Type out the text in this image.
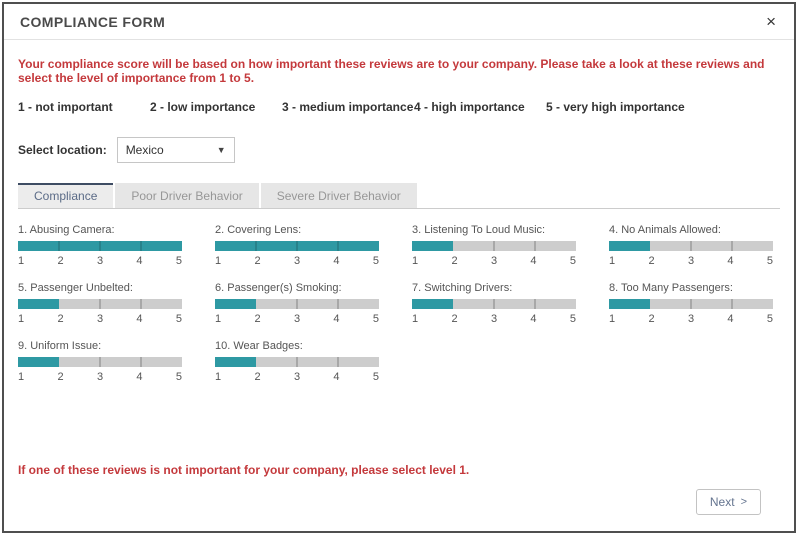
COMPLIANCE FORM	×
Your compliance score will be based on how important these reviews are to your company. Please take a look at these reviews and select the level of importance from 1 to 5.
1 - not important	2 - low importance	3 - medium importance 4 - high importance	5 - very high importance
Select location: Mexico	▼
Compliance	Poor Driver Behavior	Severe Driver Behavior
1. Abusing Camera:
1	2	3	4	5
2. Covering Lens:
1	2	3	4	5
3. Listening To Loud Music:
1	2	3	4	5
4. No Animals Allowed:
1	2	3	4	5
5. Passenger Unbelted:
1	2	3	4	5
6. Passenger(s) Smoking:
1	2	3	4	5
7. Switching Drivers:
1	2	3	4	5
8. Too Many Passengers:
1	2	3	4	5
9. Uniform Issue:
1	2	3	4	5
10. Wear Badges:
1	2	3	4	5
If one of these reviews is not important for your company, please select level 1.
Next >
